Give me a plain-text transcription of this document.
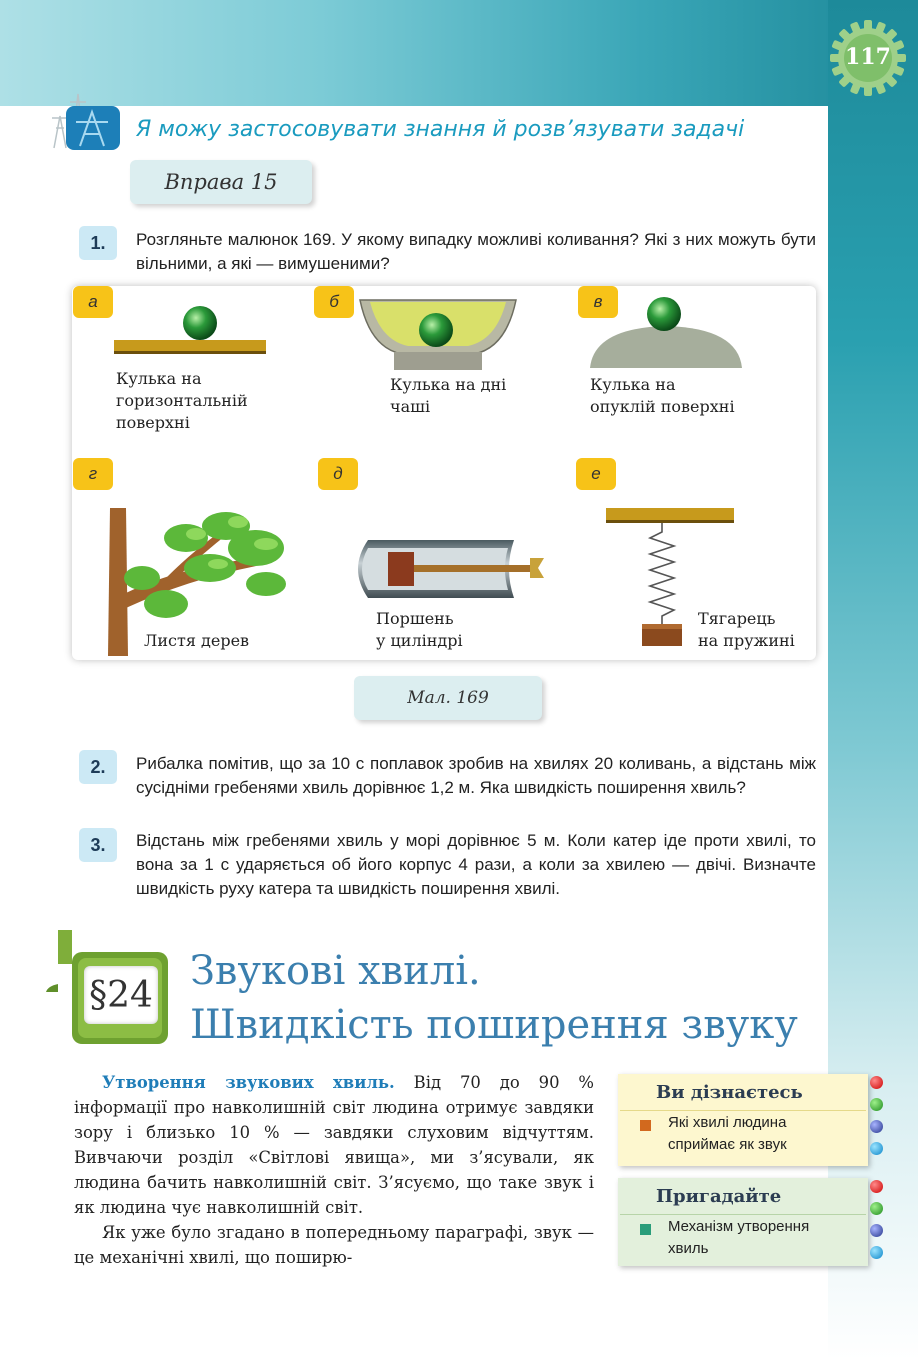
117
Я можу застосовувати знання й розв’язувати задачі
Вправа 15
1.	Розгляньте малюнок 169. У якому випадку можливі коливання? Які з них можуть бути вільними, а які — вимушеними?
а
Кулька на
горизонтальній
поверхні
б
Кулька на дні
чаші
в
Кулька на
опуклій поверхні
г
Листя дерев
д
Поршень
у циліндрі
е
Тягарець
на пружині
Мал. 169
2.	Рибалка помітив, що за 10 с поплавок зробив на хвилях 20 коливань, а відстань між сусідніми гребенями хвиль дорівнює 1,2 м. Яка швидкість поширення хвиль?
3.	Відстань між гребенями хвиль у морі дорівнює 5 м. Коли катер іде проти хвилі, то вона за 1 с ударяється об його корпус 4 рази, а коли за хвилею — двічі. Визначте швидкість руху катера та швидкість поширення хвилі.
§24
Звукові хвилі.
Швидкість поширення звуку
Утворення звукових хвиль. Від 70 до 90 % інформації про навколишній світ людина отримує завдяки зору і близько 10 % — завдяки слуховим відчуттям. Вивчаючи розділ «Світлові явища», ми з’ясували, як людина бачить навколишній світ. З’ясуємо, що таке звук і як людина чує навколишній світ.
Як уже було згадано в попередньому параграфі, звук — це механічні хвилі, що поширю-
Ви дізнаєтесь
Які хвилі людина сприймає як звук
Пригадайте
Механізм утворення хвиль
